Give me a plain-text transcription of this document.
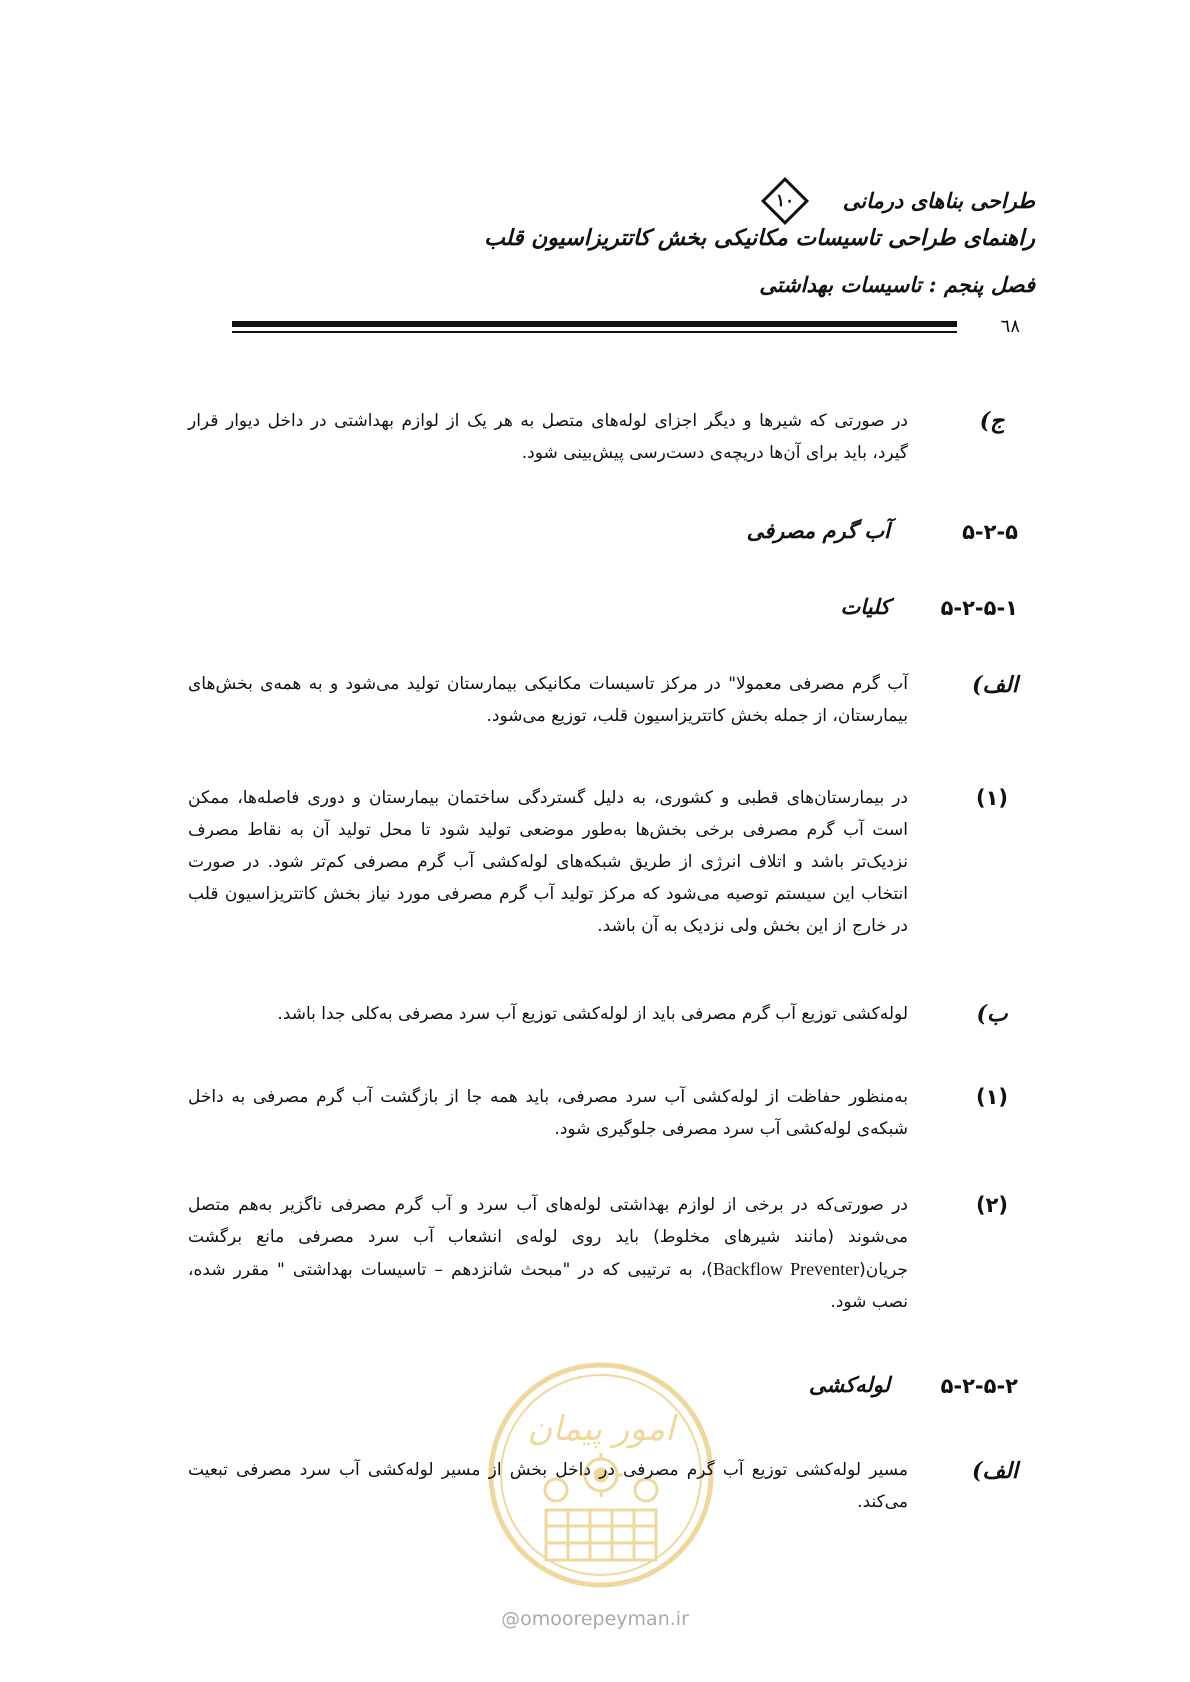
طراحی بناهای درمانی
۱۰
راهنمای طراحی تاسیسات مکانیکی بخش کاتتریزاسیون قلب
فصل پنجم : تاسیسات بهداشتی
٦٨
ج)
در صورتی که شیرها و دیگر اجزای لوله‌های متصل به هر یک از لوازم بهداشتی در داخل دیوار قرار گیرد، باید برای آن‌ها دریچه‌ی دست‌رسی پیش‌بینی شود.
۵-۲-۵
آب گرم مصرفی
۵-۲-۵-۱
کلیات
الف)
آب گرم مصرفی معمولا" در مرکز تاسیسات مکانیکی بیمارستان تولید می‌شود و به همه‌ی بخش‌های بیمارستان، از جمله بخش کاتتریزاسیون قلب، توزیع می‌شود.
(۱)
در بیمارستان‌های قطبی و کشوری، به دلیل گستردگی ساختمان بیمارستان و دوری فاصله‌ها، ممکن است آب گرم مصرفی برخی بخش‌ها به‌طور موضعی تولید شود تا محل تولید آن به نقاط مصرف نزدیک‌تر باشد و اتلاف انرژی از طریق شبکه‌های لوله‌کشی آب گرم مصرفی کم‌تر شود. در صورت انتخاب این سیستم توصیه می‌شود که مرکز تولید آب گرم مصرفی مورد نیاز بخش کاتتریزاسیون قلب در خارج از این بخش ولی نزدیک به آن باشد.
ب)
لوله‌کشی توزیع آب گرم مصرفی باید از لوله‌کشی توزیع آب سرد مصرفی به‌کلی جدا باشد.
(۱)
به‌منظور حفاظت از لوله‌کشی آب سرد مصرفی، باید همه جا از بازگشت آب گرم مصرفی به داخل شبکه‌ی لوله‌کشی آب سرد مصرفی جلوگیری شود.
(۲)
در صورتی‌که در برخی از لوازم بهداشتی لوله‌های آب سرد و آب گرم مصرفی ناگزیر به‌هم متصل می‌شوند (مانند شیرهای مخلوط) باید روی لوله‌ی انشعاب آب سرد مصرفی مانع برگشت جریان(Backflow Preventer)، به ترتیبی که در "مبحث شانزدهم – تاسیسات بهداشتی " مقرر شده، نصب شود.
۵-۲-۵-۲
لوله‌کشی
امور پیمان
الف)
مسیر لوله‌کشی توزیع آب گرم مصرفی در داخل بخش از مسیر لوله‌کشی آب سرد مصرفی تبعیت می‌کند.
@omoorepeyman.ir
